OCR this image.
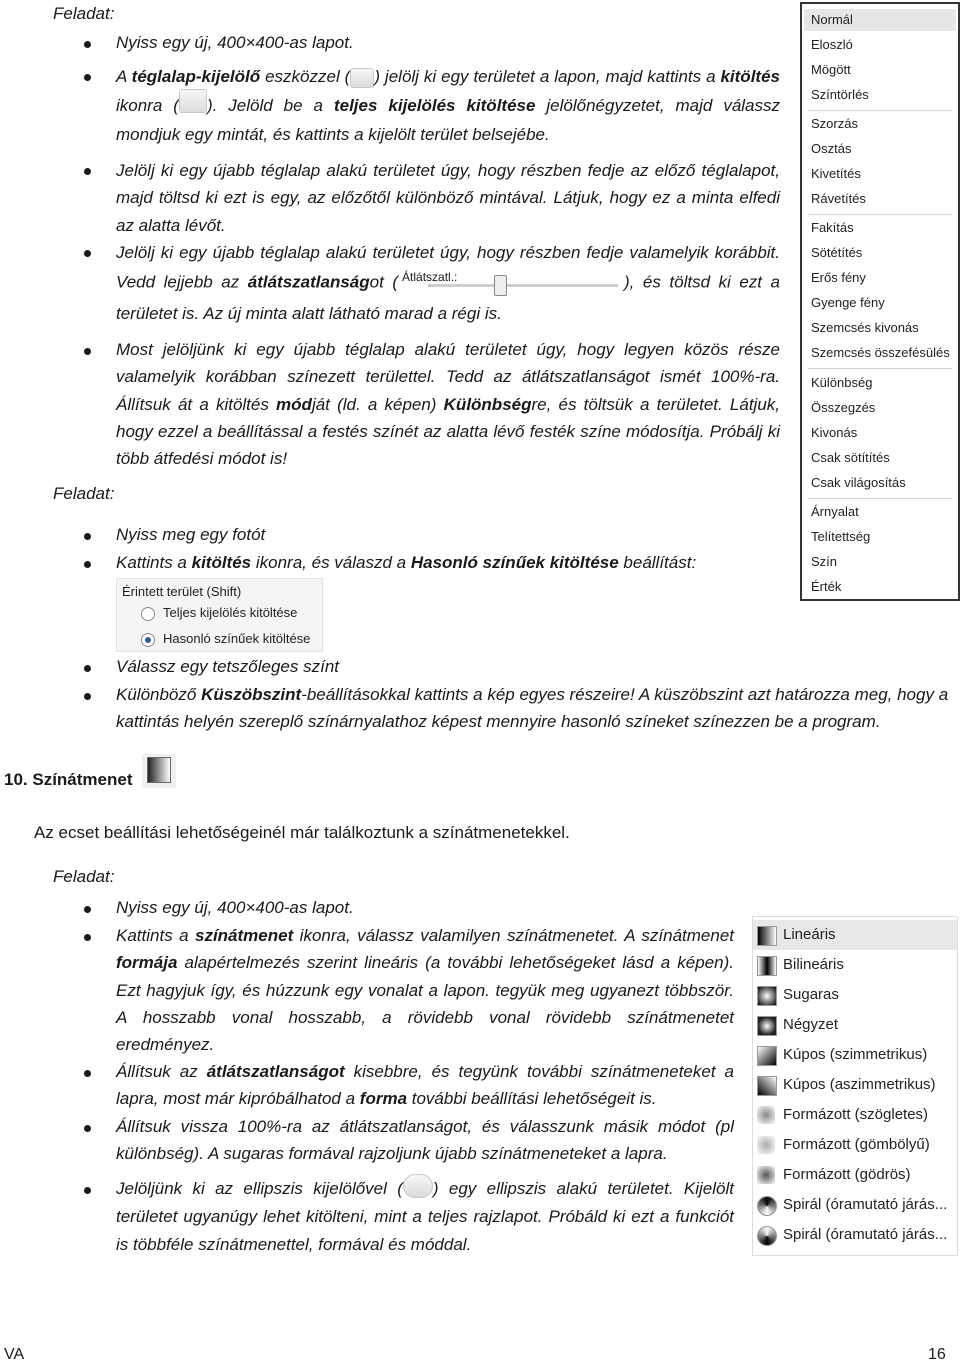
Feladat:
Nyiss egy új, 400×400-as lapot.
A téglalap-kijelölő eszközzel ( ) jelölj ki egy területet a lapon, majd kattints a kitöltés ikonra ( ). Jelöld be a teljes kijelölés kitöltése jelölőnégyzetet, majd válassz mondjuk egy mintát, és kattints a kijelölt terület belsejébe.
Jelölj ki egy újabb téglalap alakú területet úgy, hogy részben fedje az előző téglalapot, majd töltsd ki ezt is egy, az előzőtől különböző mintával. Látjuk, hogy ez a minta elfedi az alatta lévőt.
Jelölj ki egy újabb téglalap alakú területet úgy, hogy részben fedje valamelyik korábbit. Vedd lejjebb az átlátszatlanságot ( Átlátszatl.:	), és töltsd ki ezt a területet is. Az új minta alatt látható marad a régi is.
Most jelöljünk ki egy újabb téglalap alakú területet úgy, hogy legyen közös része valamelyik korábban színezett területtel. Tedd az átlátszatlanságot ismét 100%-ra. Állítsuk át a kitöltés módját (ld. a képen) Különbségre, és töltsük a területet. Látjuk, hogy ezzel a beállítással a festés színét az alatta lévő festék színe módosítja. Próbálj ki több átfedési módot is!
Normál
Eloszló
Mögött
Színtörlés
Szorzás
Osztás
Kivetítés
Rávetítés
Fakítás
Sötétítés
Erős fény
Gyenge fény
Szemcsés kivonás
Szemcsés összefésülés
Különbség
Összegzés
Kivonás
Csak sötítítés
Csak világosítás
Árnyalat
Telítettség
Szín
Érték
Feladat:
Nyiss meg egy fotót
Kattints a kitöltés ikonra, és válaszd a Hasonló színűek kitöltése beállítást:
Érintett terület (Shift)
Teljes kijelölés kitöltése
Hasonló színűek kitöltése
Válassz egy tetszőleges színt
Különböző Küszöbszint-beállításokkal kattints a kép egyes részeire! A küszöbszint azt határozza meg, hogy a kattintás helyén szereplő színárnyalathoz képest mennyire hasonló színeket színezzen be a program.
10. Színátmenet
Az ecset beállítási lehetőségeinél már találkoztunk a színátmenetekkel.
Feladat:
Nyiss egy új, 400×400-as lapot.
Kattints a színátmenet ikonra, válassz valamilyen színátmenetet. A színátmenet formája alapértelmezés szerint lineáris (a további lehetőségeket lásd a képen). Ezt hagyjuk így, és húzzunk egy vonalat a lapon. tegyük meg ugyanezt többször. A hosszabb vonal hosszabb, a rövidebb vonal rövidebb színátmenetet eredményez.
Állítsuk az átlátszatlanságot kisebbre, és tegyünk további színátmeneteket a lapra, most már kipróbálhatod a forma további beállítási lehetőségeit is.
Állítsuk vissza 100%-ra az átlátszatlanságot, és válasszunk másik módot (pl különbség). A sugaras formával rajzoljunk újabb színátmeneteket a lapra.
Jelöljünk ki az ellipszis kijelölővel ( ) egy ellipszis alakú területet. Kijelölt területet ugyanúgy lehet kitölteni, mint a teljes rajzlapot. Próbáld ki ezt a funkciót is többféle színátmenettel, formával és móddal.
Lineáris
Bilineáris
Sugaras
Négyzet
Kúpos (szimmetrikus)
Kúpos (aszimmetrikus)
Formázott (szögletes)
Formázott (gömbölyű)
Formázott (gödrös)
Spirál (óramutató járás...
Spirál (óramutató járás...
VA	16
